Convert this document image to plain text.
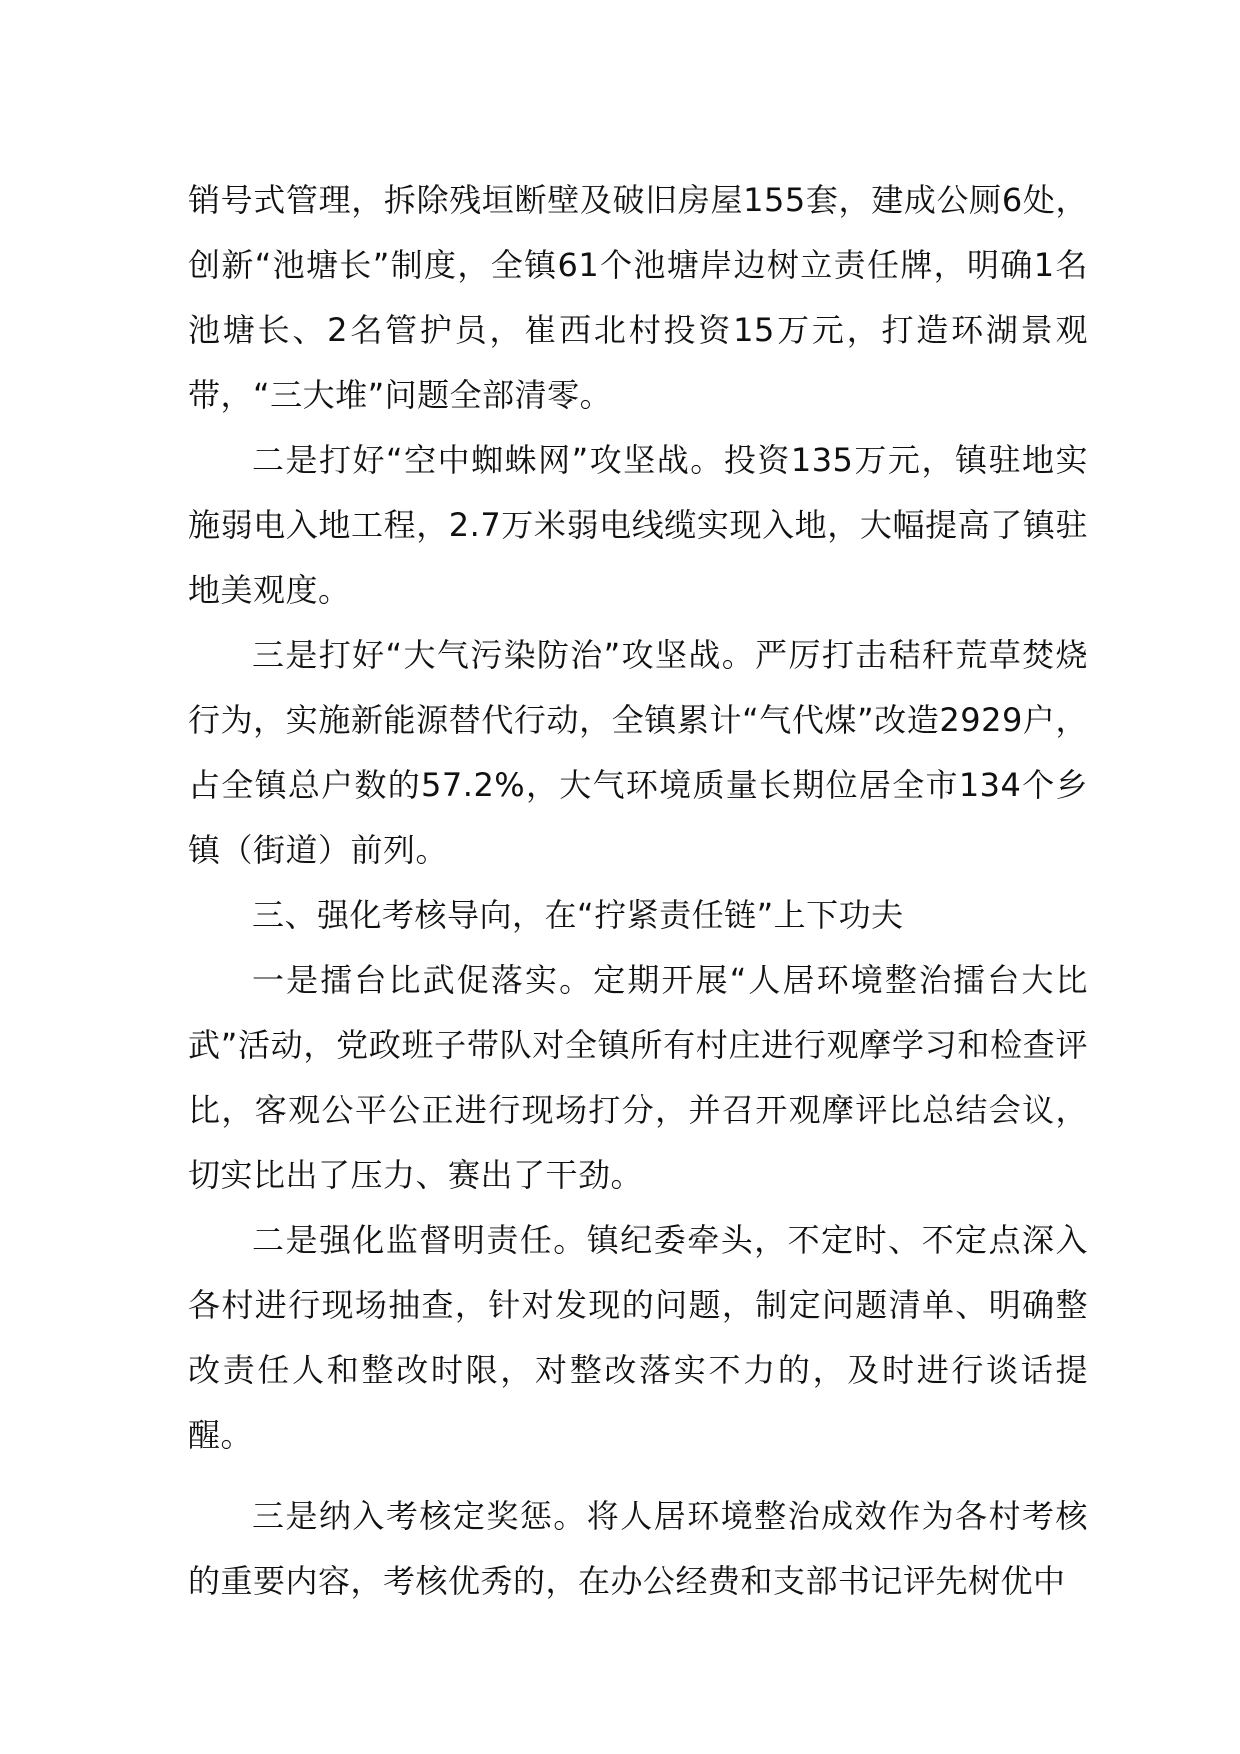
销号式管理，拆除残垣断壁及破旧房屋155套，建成公厕6处，创新“池塘长”制度，全镇61个池塘岸边树立责任牌，明确1名池塘长、2名管护员，崔西北村投资15万元，打造环湖景观带，“三大堆”问题全部清零。

二是打好“空中蜘蛛网”攻坚战。投资135万元，镇驻地实施弱电入地工程，2.7万米弱电线缆实现入地，大幅提高了镇驻地美观度。

三是打好“大气污染防治”攻坚战。严厉打击秸秆荒草焚烧行为，实施新能源替代行动，全镇累计“气代煤”改造2929户，占全镇总户数的57.2%，大气环境质量长期位居全市134个乡镇（街道）前列。

三、强化考核导向，在“拧紧责任链”上下功夫

一是擂台比武促落实。定期开展“人居环境整治擂台大比武”活动，党政班子带队对全镇所有村庄进行观摩学习和检查评比，客观公平公正进行现场打分，并召开观摩评比总结会议，切实比出了压力、赛出了干劲。

二是强化监督明责任。镇纪委牵头，不定时、不定点深入各村进行现场抽查，针对发现的问题，制定问题清单、明确整改责任人和整改时限，对整改落实不力的，及时进行谈话提醒。

三是纳入考核定奖惩。将人居环境整治成效作为各村考核的重要内容，考核优秀的，在办公经费和支部书记评先树优中
